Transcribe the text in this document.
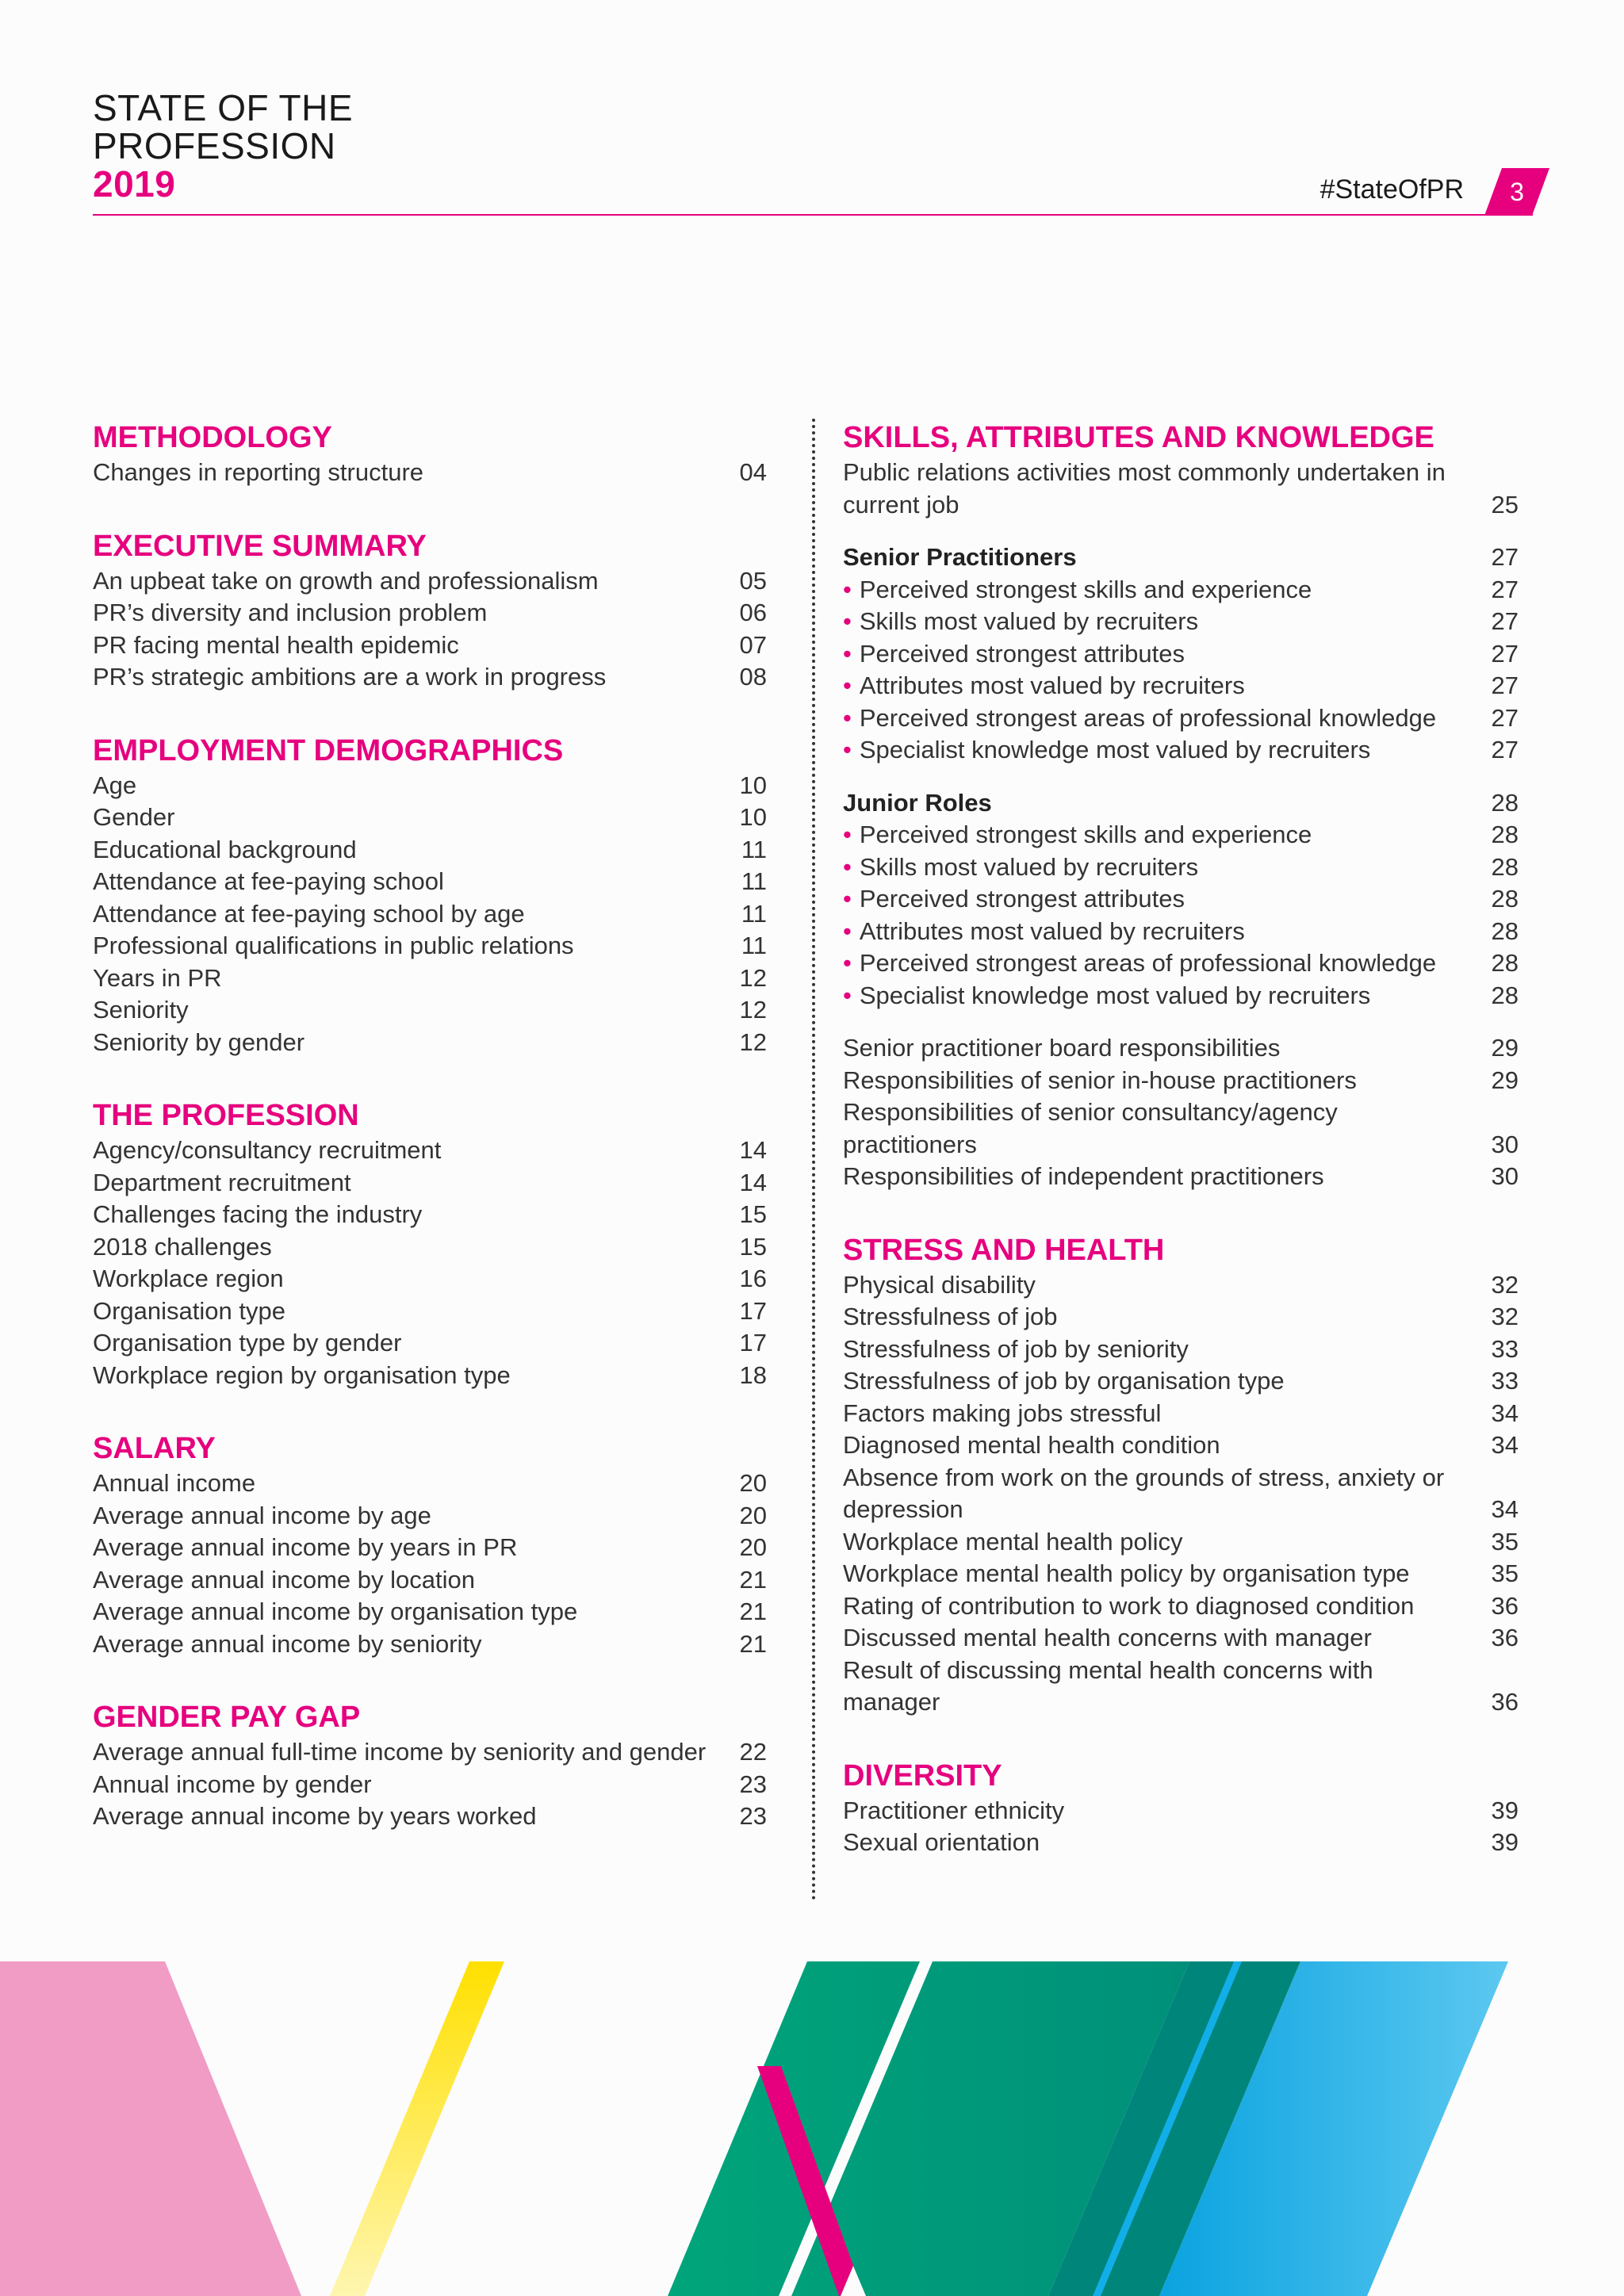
STATE OF THE
PROFESSION
2019	#StateOfPR	3
METHODOLOGY
Changes in reporting structure	04
EXECUTIVE SUMMARY
An upbeat take on growth and professionalism	05
PR’s diversity and inclusion problem	06
PR facing mental health epidemic	07
PR’s strategic ambitions are a work in progress	08
EMPLOYMENT DEMOGRAPHICS
Age	10
Gender	10
Educational background	11
Attendance at fee-paying school	11
Attendance at fee-paying school by age	11
Professional qualifications in public relations	11
Years in PR	12
Seniority	12
Seniority by gender	12
THE PROFESSION
Agency/consultancy recruitment	14
Department recruitment	14
Challenges facing the industry	15
2018 challenges	15
Workplace region	16
Organisation type	17
Organisation type by gender	17
Workplace region by organisation type	18
SALARY
Annual income	20
Average annual income by age	20
Average annual income by years in PR	20
Average annual income by location	21
Average annual income by organisation type	21
Average annual income by seniority	21
GENDER PAY GAP
Average annual full-time income by seniority and gender	22
Annual income by gender	23
Average annual income by years worked	23
SKILLS, ATTRIBUTES AND KNOWLEDGE
Public relations activities most commonly undertaken in current job	25
Senior Practitioners	27
• Perceived strongest skills and experience	27
• Skills most valued by recruiters	27
• Perceived strongest attributes	27
• Attributes most valued by recruiters	27
• Perceived strongest areas of professional knowledge	27
• Specialist knowledge most valued by recruiters	27
Junior Roles	28
• Perceived strongest skills and experience	28
• Skills most valued by recruiters	28
• Perceived strongest attributes	28
• Attributes most valued by recruiters	28
• Perceived strongest areas of professional knowledge	28
• Specialist knowledge most valued by recruiters	28
Senior practitioner board responsibilities	29
Responsibilities of senior in-house practitioners	29
Responsibilities of senior consultancy/agency practitioners	30
Responsibilities of independent practitioners	30
STRESS AND HEALTH
Physical disability	32
Stressfulness of job	32
Stressfulness of job by seniority	33
Stressfulness of job by organisation type	33
Factors making jobs stressful	34
Diagnosed mental health condition	34
Absence from work on the grounds of stress, anxiety or depression	34
Workplace mental health policy	35
Workplace mental health policy by organisation type	35
Rating of contribution to work to diagnosed condition	36
Discussed mental health concerns with manager	36
Result of discussing mental health concerns with manager	36
DIVERSITY
Practitioner ethnicity	39
Sexual orientation	39
